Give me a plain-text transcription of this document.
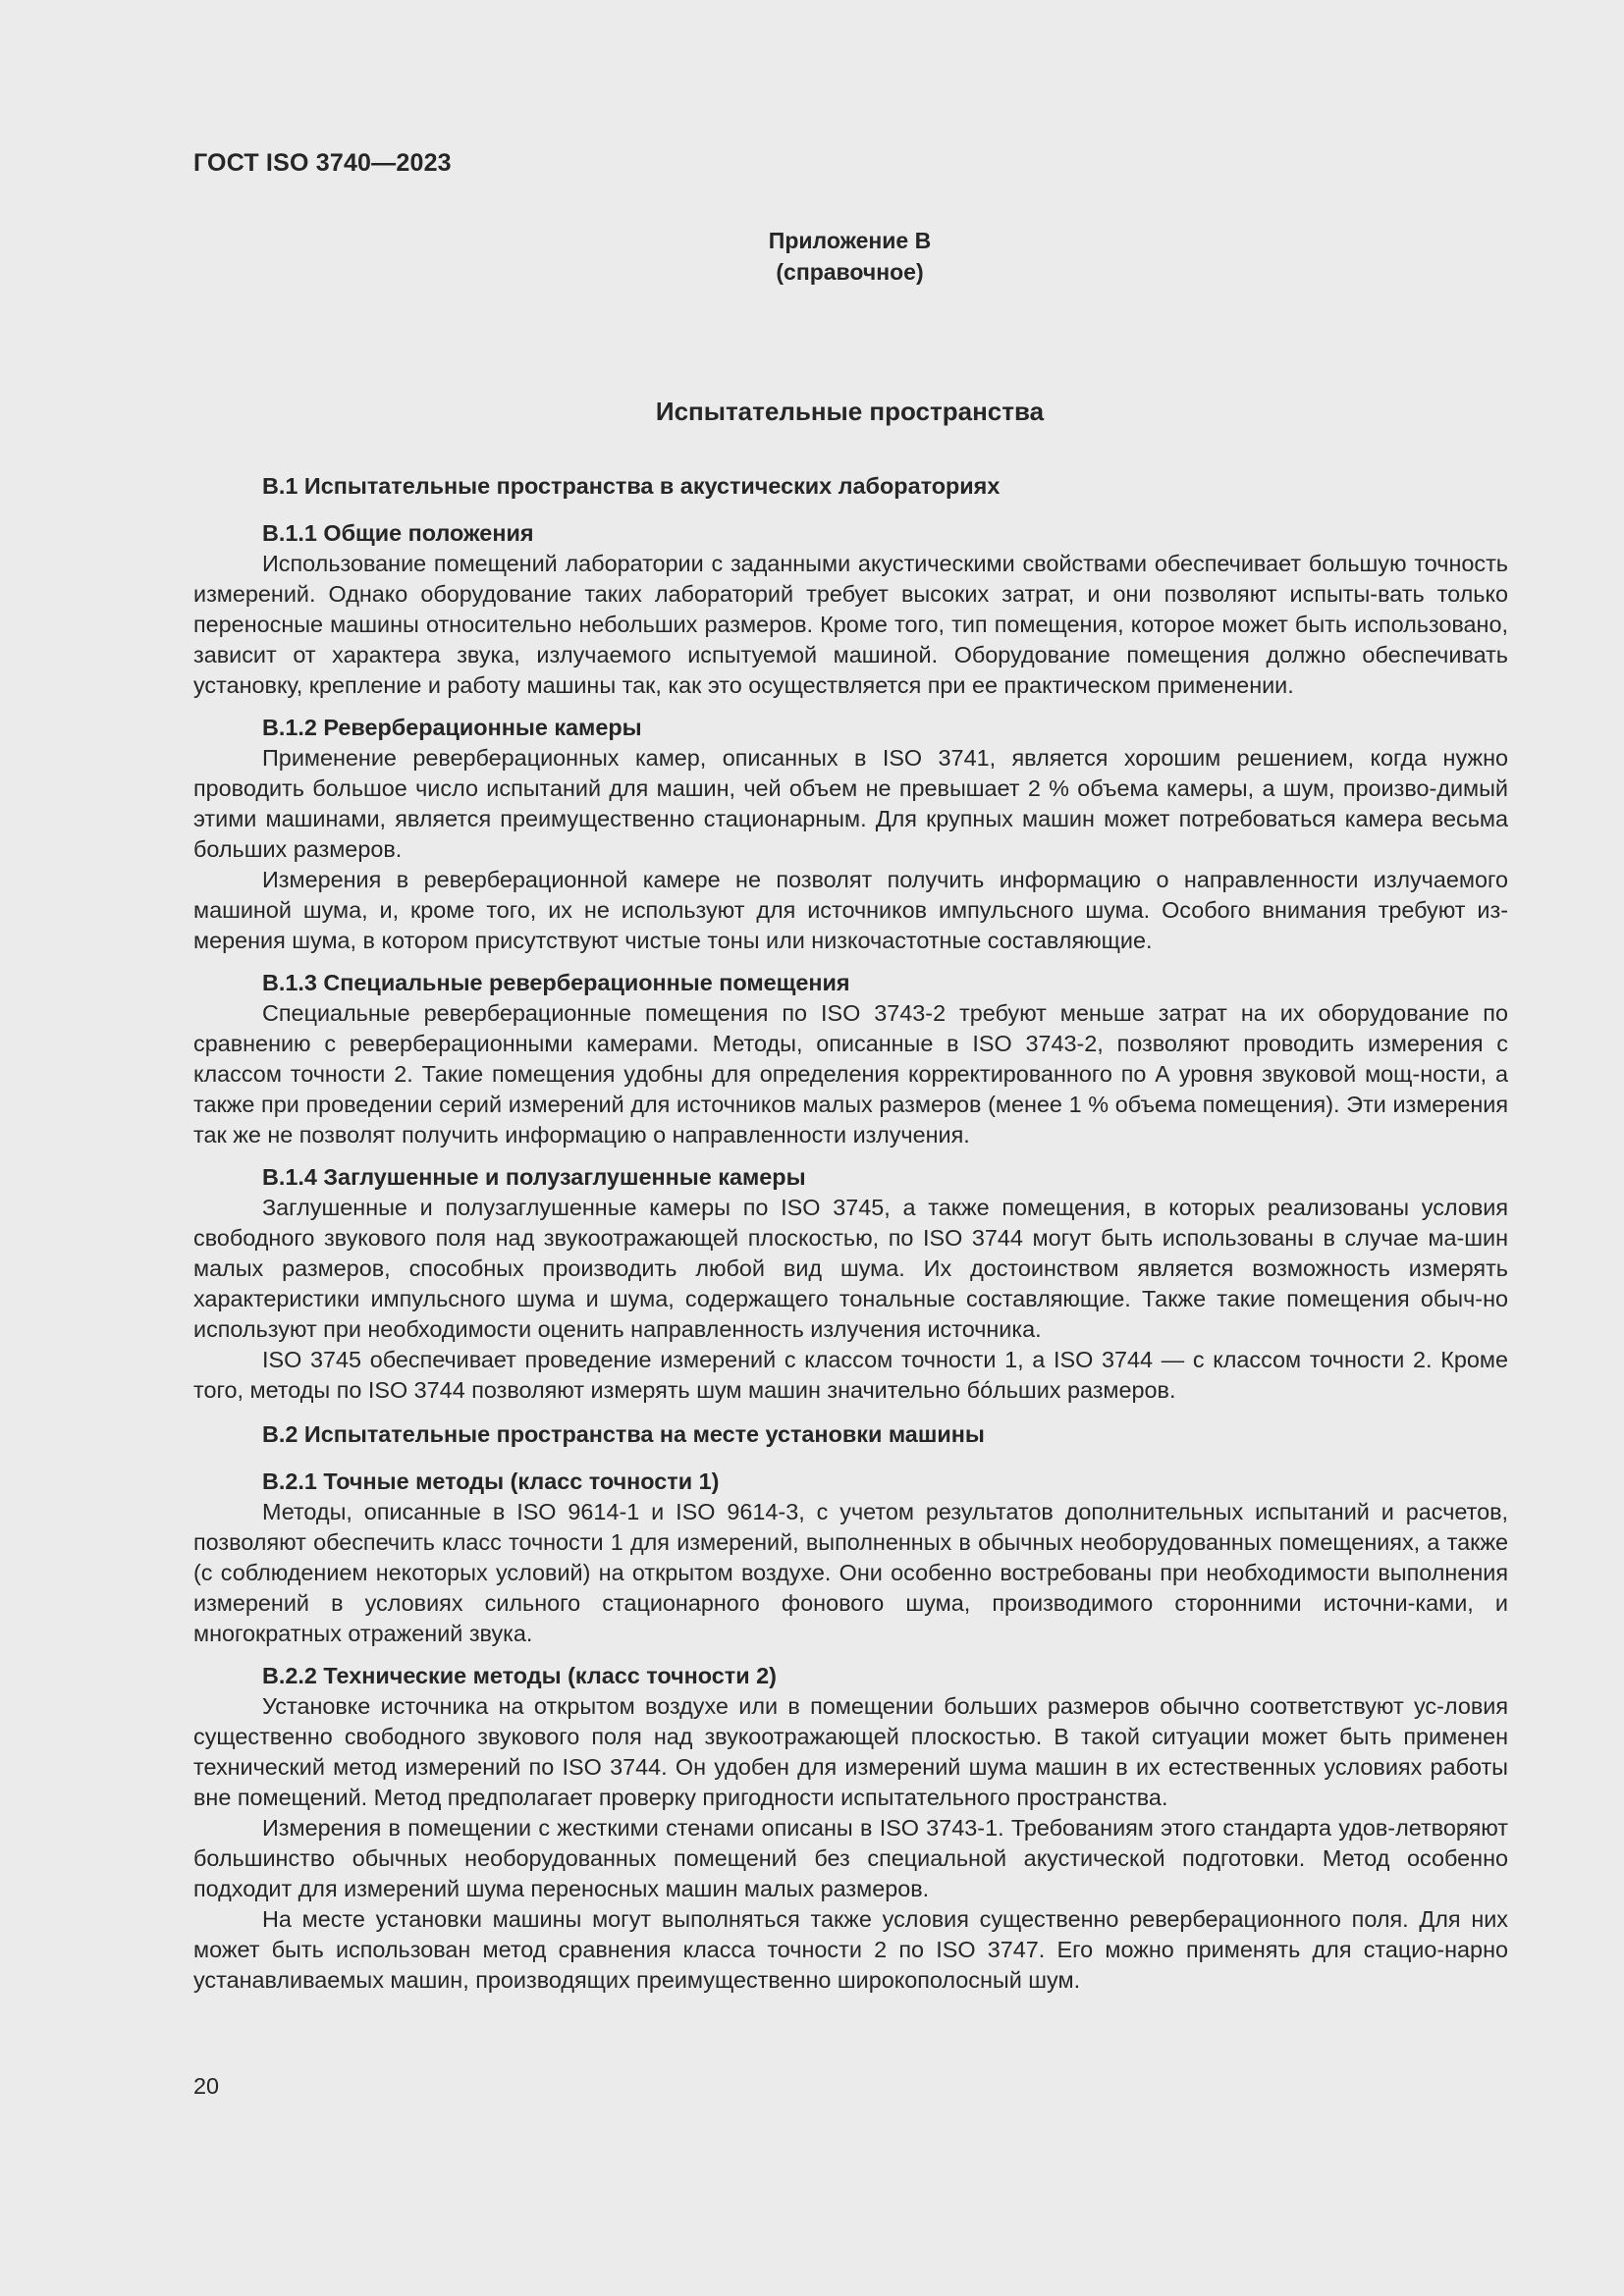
ГОСТ ISO 3740—2023
Приложение В
(справочное)
Испытательные пространства
В.1 Испытательные пространства в акустических лабораториях
В.1.1 Общие положения

Использование помещений лаборатории с заданными акустическими свойствами обеспечивает большую точность измерений. Однако оборудование таких лабораторий требует высоких затрат, и они позволяют испыты-вать только переносные машины относительно небольших размеров. Кроме того, тип помещения, которое может быть использовано, зависит от характера звука, излучаемого испытуемой машиной. Оборудование помещения должно обеспечивать установку, крепление и работу машины так, как это осуществляется при ее практическом применении.

В.1.2 Реверберационные камеры

Применение реверберационных камер, описанных в ISO 3741, является хорошим решением, когда нужно проводить большое число испытаний для машин, чей объем не превышает 2 % объема камеры, а шум, произво-димый этими машинами, является преимущественно стационарным. Для крупных машин может потребоваться камера весьма больших размеров.

Измерения в реверберационной камере не позволят получить информацию о направленности излучаемого машиной шума, и, кроме того, их не используют для источников импульсного шума. Особого внимания требуют из-мерения шума, в котором присутствуют чистые тоны или низкочастотные составляющие.

В.1.3 Специальные реверберационные помещения

Специальные реверберационные помещения по ISO 3743-2 требуют меньше затрат на их оборудование по сравнению с реверберационными камерами. Методы, описанные в ISO 3743-2, позволяют проводить измерения с классом точности 2. Такие помещения удобны для определения корректированного по А уровня звуковой мощ-ности, а также при проведении серий измерений для источников малых размеров (менее 1 % объема помещения). Эти измерения так же не позволят получить информацию о направленности излучения.

В.1.4 Заглушенные и полузаглушенные камеры

Заглушенные и полузаглушенные камеры по ISO 3745, а также помещения, в которых реализованы условия свободного звукового поля над звукоотражающей плоскостью, по ISO 3744 могут быть использованы в случае ма-шин малых размеров, способных производить любой вид шума. Их достоинством является возможность измерять характеристики импульсного шума и шума, содержащего тональные составляющие. Также такие помещения обыч-но используют при необходимости оценить направленность излучения источника.

ISO 3745 обеспечивает проведение измерений с классом точности 1, а ISO 3744 — с классом точности 2. Кроме того, методы по ISO 3744 позволяют измерять шум машин значительно бóльших размеров.

В.2 Испытательные пространства на месте установки машины
В.2.1 Точные методы (класс точности 1)

Методы, описанные в ISO 9614-1 и ISO 9614-3, с учетом результатов дополнительных испытаний и расчетов, позволяют обеспечить класс точности 1 для измерений, выполненных в обычных необорудованных помещениях, а также (с соблюдением некоторых условий) на открытом воздухе. Они особенно востребованы при необходимости выполнения измерений в условиях сильного стационарного фонового шума, производимого сторонними источни-ками, и многократных отражений звука.

В.2.2 Технические методы (класс точности 2)

Установке источника на открытом воздухе или в помещении больших размеров обычно соответствуют ус-ловия существенно свободного звукового поля над звукоотражающей плоскостью. В такой ситуации может быть применен технический метод измерений по ISO 3744. Он удобен для измерений шума машин в их естественных условиях работы вне помещений. Метод предполагает проверку пригодности испытательного пространства.

Измерения в помещении с жесткими стенами описаны в ISO 3743-1. Требованиям этого стандарта удов-летворяют большинство обычных необорудованных помещений без специальной акустической подготовки. Метод особенно подходит для измерений шума переносных машин малых размеров.

На месте установки машины могут выполняться также условия существенно реверберационного поля. Для них может быть использован метод сравнения класса точности 2 по ISO 3747. Его можно применять для стацио-нарно устанавливаемых машин, производящих преимущественно широкополосный шум.

20
